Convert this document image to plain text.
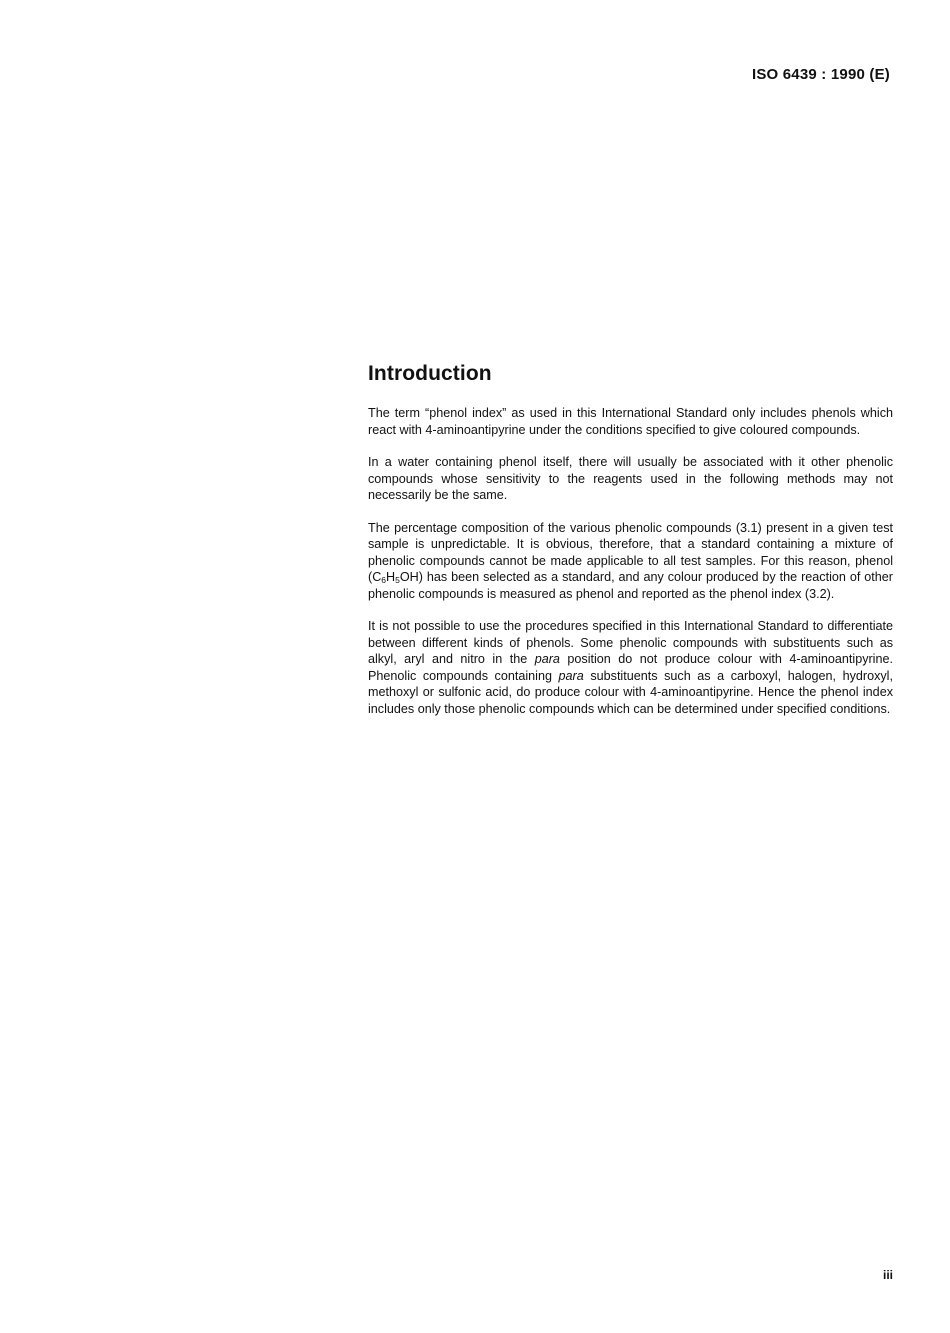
ISO 6439 : 1990 (E)
Introduction

The term “phenol index” as used in this International Standard only includes phenols which react with 4-aminoantipyrine under the conditions specified to give coloured compounds.

In a water containing phenol itself, there will usually be associated with it other phenolic compounds whose sensitivity to the reagents used in the following methods may not necessarily be the same.

The percentage composition of the various phenolic compounds (3.1) present in a given test sample is unpredictable. It is obvious, therefore, that a standard containing a mixture of phenolic compounds cannot be made applicable to all test samples. For this reason, phenol $(C_6H_5OH)$ has been selected as a standard, and any colour produced by the reaction of other phenolic compounds is measured as phenol and reported as the phenol index (3.2).

It is not possible to use the procedures specified in this International Standard to differentiate between different kinds of phenols. Some phenolic compounds with substituents such as alkyl, aryl and nitro in the para position do not produce colour with 4-aminoantipyrine. Phenolic compounds containing para substituents such as a carboxyl, halogen, hydroxyl, methoxyl or sulfonic acid, do produce colour with 4-aminoantipyrine. Hence the phenol index includes only those phenolic compounds which can be determined under specified conditions.

iii
